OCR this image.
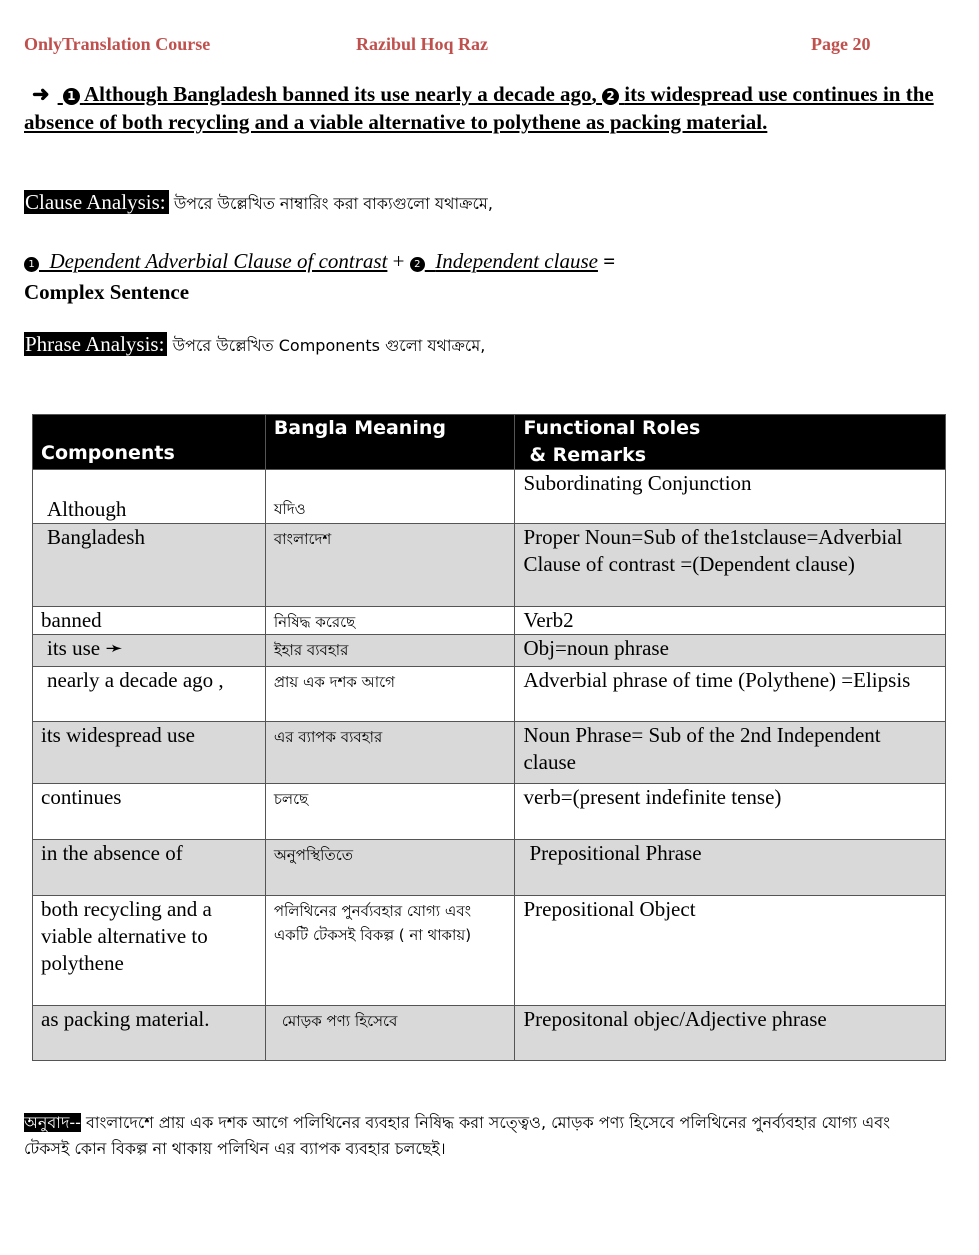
OnlyTranslation Course	Razibul Hoq Raz	Page 20
➜ 1 Although Bangladesh banned its use nearly a decade ago, 2 its widespread use continues in the absence of both recycling and a viable alternative to polythene as packing material.
Clause Analysis: উপরে উল্লেখিত নাম্বারিং করা বাক্যগুলো যথাক্রমে,
1 Dependent Adverbial Clause of contrast + 2 Independent clause = Complex Sentence
Phrase Analysis: উপরে উল্লেখিত Components গুলো যথাক্রমে,
Components	Bangla Meaning	Functional Roles
& Remarks

Although	যদিও	Subordinating Conjunction
Bangladesh	বাংলাদেশ	Proper Noun=Sub of the1stclause=Adverbial Clause of contrast =(Dependent clause)
banned	নিষিদ্ধ করেছে	Verb2
its use ➛	ইহার ব্যবহার	Obj=noun phrase
nearly a decade ago ,	প্রায় এক দশক আগে	Adverbial phrase of time (Polythene) =Elipsis
its widespread use	এর ব্যাপক ব্যবহার	Noun Phrase= Sub of the 2nd Independent clause
continues	চলছে	verb=(present indefinite tense)
in the absence of	অনুপস্থিতিতে	Prepositional Phrase
both recycling and a viable alternative to polythene	পলিথিনের পুনর্ব্যবহার যোগ্য এবং একটি টেকসই বিকল্প ( না থাকায়)	Prepositional Object
as packing material.	মোড়ক পণ্য হিসেবে	Prepositonal objec/Adjective phrase
অনুবাদ-- বাংলাদেশে প্রায় এক দশক আগে পলিথিনের ব্যবহার নিষিদ্ধ করা সত্ত্বেও, মোড়ক পণ্য হিসেবে পলিথিনের পুনর্ব্যবহার যোগ্য এবং টেকসই কোন বিকল্প না থাকায় পলিথিন এর ব্যাপক ব্যবহার চলছেই।
